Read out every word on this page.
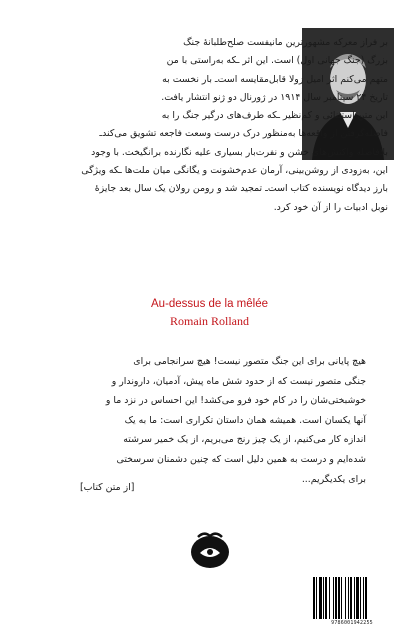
بر فراز معرکه مشهورترین مانیفست صلح‌طلبانهٔ جنگ
بزرگ (جنگ جهانی اول) است. این اثر ـکه به‌راستی با من
متهم می‌کنم اثر امیل زولا قابل‌مقایسه است‌ـ بار نخست به
تاریخ ۲۴ سپتامبر سال ۱۹۱۴ در ژورنال دو ژنو انتشار یافت.
این متن استثنائی و کم‌نظیر ـکه طرف‌های درگیر جنگ را به
فاصله‌گرفتن از واقعه‌ها به‌منظور درک درست وسعت فاجعه تشویق می‌کند‌ـ
بلافاصله واکنش‌های خشن و نفرت‌بار بسیاری علیه نگارنده برانگیخت. با وجود
این، به‌زودی از روشن‌بینی، آرمان عدم‌خشونت و یگانگی میان ملت‌ها ـکه ویژگی
بارز دیدگاه نویسنده کتاب است‌ـ تمجید شد و رومن رولان یک سال بعد جایزهٔ
نوبل ادبیات را از آن خود کرد.
Au-dessus de la mêlée
Romain Rolland
هیچ پایانی برای این جنگ متصور نیست! هیچ سرانجامی برای
جنگی متصور نیست که از حدود شش ماه پیش، آدمیان، داروندار و
خوشبختی‌شان را در کام خود فرو می‌کشد! این احساس در نزد ما و
آنها یکسان است. همیشه همان داستان تکراری است: ما به یک
اندازه کار می‌کنیم، از یک چیز رنج می‌بریم، از یک خمیر سرشته
شده‌ایم و درست به همین دلیل است که چنین دشمنان سرسختی
برای یکدیگریم...
[از متن کتاب]
9786001942255
